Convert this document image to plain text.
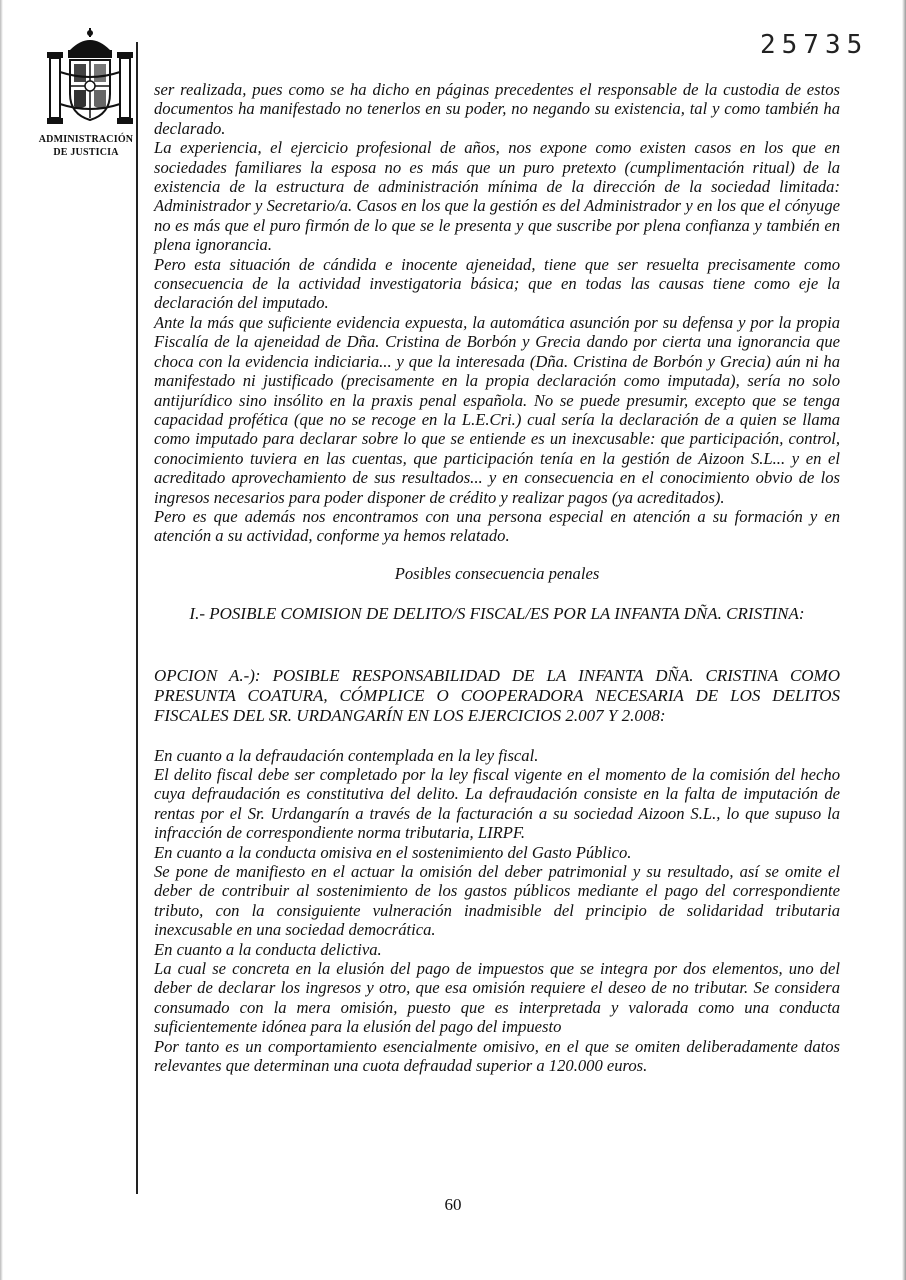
25735
ADMINISTRACIÓN
DE JUSTICIA

ser realizada, pues como se ha dicho en páginas precedentes el responsable de la custodia de estos documentos ha manifestado no tenerlos en su poder, no negando su existencia, tal y como también ha declarado.

La experiencia, el ejercicio profesional de años, nos expone como existen casos en los que en sociedades familiares la esposa no es más que un puro pretexto (cumplimentación ritual) de la existencia de la estructura de administración mínima de la dirección de la sociedad limitada: Administrador y Secretario/a. Casos en los que la gestión es del Administrador y en los que el cónyuge no es más que el puro firmón de lo que se le presenta y que suscribe por plena confianza y también en plena ignorancia.

Pero esta situación de cándida e inocente ajeneidad, tiene que ser resuelta precisamente como consecuencia de la actividad investigatoria básica; que en todas las causas tiene como eje la declaración del imputado.

Ante la más que suficiente evidencia expuesta, la automática asunción por su defensa y por la propia Fiscalía de la ajeneidad de Dña. Cristina de Borbón y Grecia dando por cierta una ignorancia que choca con la evidencia indiciaria... y que la interesada (Dña. Cristina de Borbón y Grecia) aún ni ha manifestado ni justificado (precisamente en la propia declaración como imputada), sería no solo antijurídico sino insólito en la praxis penal española. No se puede presumir, excepto que se tenga capacidad profética (que no se recoge en la L.E.Cri.) cual sería la declaración de a quien se llama como imputado para declarar sobre lo que se entiende es un inexcusable: que participación, control, conocimiento tuviera en las cuentas, que participación tenía en la gestión de Aizoon S.L... y en el acreditado aprovechamiento de sus resultados... y en consecuencia en el conocimiento obvio de los ingresos necesarios para poder disponer de crédito y realizar pagos (ya acreditados).

Pero es que además nos encontramos con una persona especial en atención a su formación y en atención a su actividad, conforme ya hemos relatado.

Posibles consecuencia penales

I.- POSIBLE COMISION DE DELITO/S FISCAL/ES POR LA INFANTA DÑA. CRISTINA:

OPCION A.-): POSIBLE RESPONSABILIDAD DE LA INFANTA DÑA. CRISTINA COMO PRESUNTA COATURA, CÓMPLICE O COOPERADORA NECESARIA DE LOS DELITOS FISCALES DEL SR. URDANGARÍN EN LOS EJERCICIOS 2.007 Y 2.008:

En cuanto a la defraudación contemplada en la ley fiscal.

El delito fiscal debe ser completado por la ley fiscal vigente en el momento de la comisión del hecho cuya defraudación es constitutiva del delito. La defraudación consiste en la falta de imputación de rentas por el Sr. Urdangarín a través de la facturación a su sociedad Aizoon S.L., lo que supuso la infracción de correspondiente norma tributaria, LIRPF.

En cuanto a la conducta omisiva en el sostenimiento del Gasto Público.

Se pone de manifiesto en el actuar la omisión del deber patrimonial y su resultado, así se omite el deber de contribuir al sostenimiento de los gastos públicos mediante el pago del correspondiente tributo, con la consiguiente vulneración inadmisible del principio de solidaridad tributaria inexcusable en una sociedad democrática.

En cuanto a la conducta delictiva.

La cual se concreta en la elusión del pago de impuestos que se integra por dos elementos, uno del deber de declarar los ingresos y otro, que esa omisión requiere el deseo de no tributar. Se considera consumado con la mera omisión, puesto que es interpretada y valorada como una conducta suficientemente idónea para la elusión del pago del impuesto

Por tanto es un comportamiento esencialmente omisivo, en el que se omiten deliberadamente datos relevantes que determinan una cuota defraudad superior a 120.000 euros.

60
